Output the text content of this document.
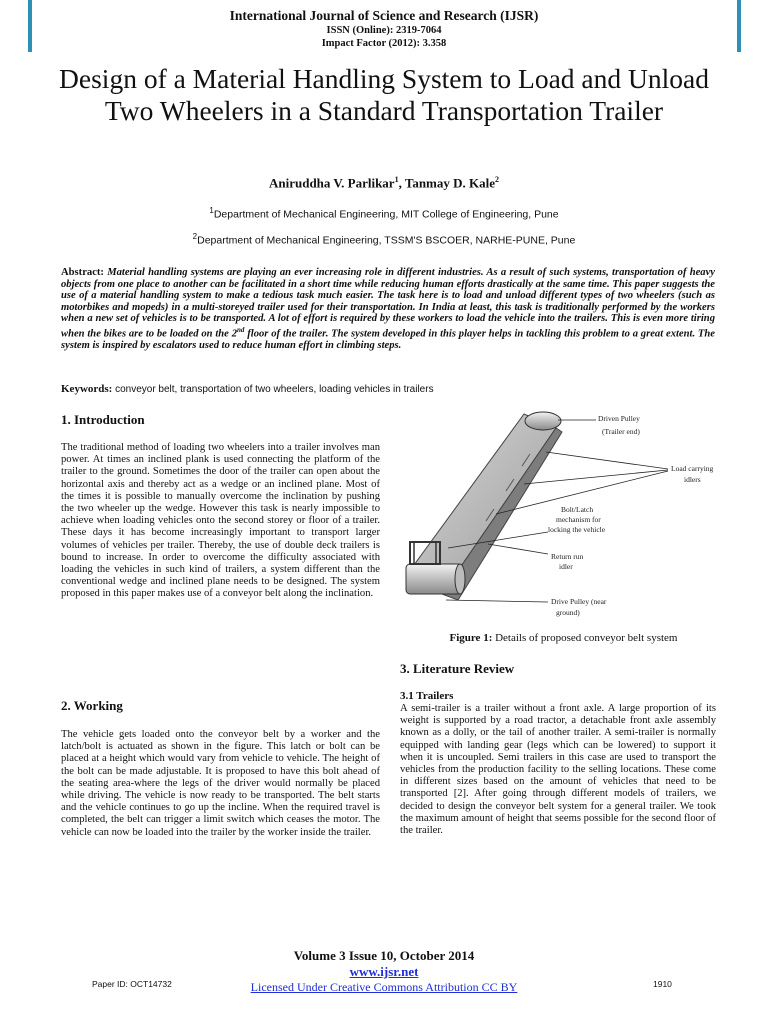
International Journal of Science and Research (IJSR)
ISSN (Online): 2319-7064
Impact Factor (2012): 3.358
Design of a Material Handling System to Load and Unload Two Wheelers in a Standard Transportation Trailer
Aniruddha V. Parlikar$^1$, Tanmay D. Kale$^2$
$^1$Department of Mechanical Engineering, MIT College of Engineering, Pune
$^2$Department of Mechanical Engineering, TSSM'S BSCOER, NARHE-PUNE, Pune
Abstract: Material handling systems are playing an ever increasing role in different industries. As a result of such systems, transportation of heavy objects from one place to another can be facilitated in a short time while reducing human efforts drastically at the same time. This paper suggests the use of a material handling system to make a tedious task much easier. The task here is to load and unload different types of two wheelers (such as motorbikes and mopeds) in a multi-storeyed trailer used for their transportation. In India at least, this task is traditionally performed by the workers when a new set of vehicles is to be transported. A lot of effort is required by these workers to load the vehicle into the trailers. This is even more tiring when the bikes are to be loaded on the 2nd floor of the trailer. The system developed in this player helps in tackling this problem to a great extent. The system is inspired by escalators used to reduce human effort in climbing steps.
Keywords: conveyor belt, transportation of two wheelers, loading vehicles in trailers
1. Introduction
The traditional method of loading two wheelers into a trailer involves man power. At times an inclined plank is used connecting the platform of the trailer to the ground. Sometimes the door of the trailer can open about the horizontal axis and thereby act as a wedge or an inclined plane. Most of the times it is possible to manually overcome the inclination by pushing the two wheeler up the wedge. However this task is nearly impossible to achieve when loading vehicles onto the second storey or floor of a trailer. These days it has become increasingly important to transport larger volumes of vehicles per trailer. Thereby, the use of double deck trailers is bound to increase. In order to overcome the difficulty associated with loading the vehicles in such kind of trailers, a system different than the conventional wedge and inclined plane needs to be designed. The system proposed in this paper makes use of a conveyor belt along the inclination.
2. Working
The vehicle gets loaded onto the conveyor belt by a worker and the latch/bolt is actuated as shown in the figure. This latch or bolt can be placed at a height which would vary from vehicle to vehicle. The height of the bolt can be made adjustable. It is proposed to have this bolt ahead of the seating area-where the legs of the driver would normally be placed while driving. The vehicle is now ready to be transported. The belt starts and the vehicle continues to go up the incline. When the required travel is completed, the belt can trigger a limit switch which ceases the motor. The vehicle can now be loaded into the trailer by the worker inside the trailer.
Driven Pulley
(Trailer end)
Load carrying
idlers
Bolt/Latch
mechanism for
locking the vehicle
Return run
idler
Drive Pulley (near
ground)
Figure 1: Details of proposed conveyor belt system
3. Literature Review
3.1 Trailers
A semi-trailer is a trailer without a front axle. A large proportion of its weight is supported by a road tractor, a detachable front axle assembly known as a dolly, or the tail of another trailer. A semi-trailer is normally equipped with landing gear (legs which can be lowered) to support it when it is uncoupled. Semi trailers in this case are used to transport the vehicles from the production facility to the selling locations. These come in different sizes based on the amount of vehicles that need to be transported [2]. After going through different models of trailers, we decided to design the conveyor belt system for a general trailer. We took the maximum amount of height that seems possible for the second floor of the trailer.
Volume 3 Issue 10, October 2014
www.ijsr.net
Licensed Under Creative Commons Attribution CC BY
Paper ID: OCT14732	1910
